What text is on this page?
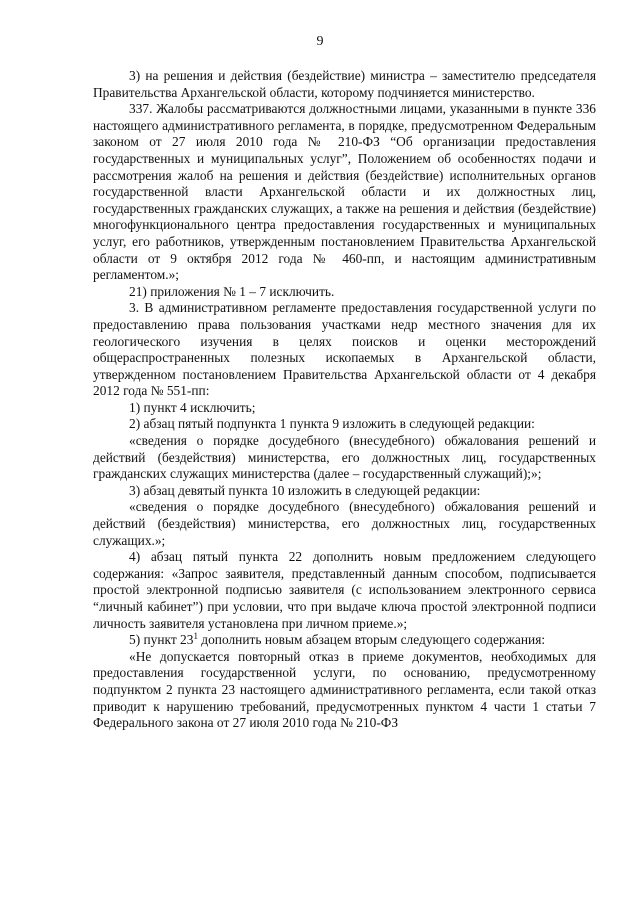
9

3) на решения и действия (бездействие) министра – заместителю председателя Правительства Архангельской области, которому подчиняется министерство.

337. Жалобы рассматриваются должностными лицами, указанными в пункте 336 настоящего административного регламента, в порядке, предусмотренном Федеральным законом от 27 июля 2010 года № 210-ФЗ “Об организации предоставления государственных и муниципальных услуг”, Положением об особенностях подачи и рассмотрения жалоб на решения и действия (бездействие) исполнительных органов государственной власти Архангельской области и их должностных лиц, государственных гражданских служащих, а также на решения и действия (бездействие) многофункционального центра предоставления государственных и муниципальных услуг, его работников, утвержденным постановлением Правительства Архангельской области от 9 октября 2012 года № 460-пп, и настоящим административным регламентом.»;

21) приложения № 1 – 7 исключить.

3. В административном регламенте предоставления государственной услуги по предоставлению права пользования участками недр местного значения для их геологического изучения в целях поисков и оценки месторождений общераспространенных полезных ископаемых в Архангельской области, утвержденном постановлением Правительства Архангельской области от 4 декабря 2012 года № 551-пп:

1) пункт 4 исключить;

2) абзац пятый подпункта 1 пункта 9 изложить в следующей редакции:

«сведения о порядке досудебного (внесудебного) обжалования решений и действий (бездействия) министерства, его должностных лиц, государственных гражданских служащих министерства (далее – государственный служащий);»;

3) абзац девятый пункта 10 изложить в следующей редакции:

«сведения о порядке досудебного (внесудебного) обжалования решений и действий (бездействия) министерства, его должностных лиц, государственных служащих.»;

4) абзац пятый пункта 22 дополнить новым предложением следующего содержания: «Запрос заявителя, представленный данным способом, подписывается простой электронной подписью заявителя (с использованием электронного сервиса “личный кабинет”) при условии, что при выдаче ключа простой электронной подписи личность заявителя установлена при личном приеме.»;

5) пункт $23^1$ дополнить новым абзацем вторым следующего содержания:

«Не допускается повторный отказ в приеме документов, необходимых для предоставления государственной услуги, по основанию, предусмотренному подпунктом 2 пункта 23 настоящего административного регламента, если такой отказ приводит к нарушению требований, предусмотренных пунктом 4 части 1 статьи 7 Федерального закона от 27 июля 2010 года № 210-ФЗ
